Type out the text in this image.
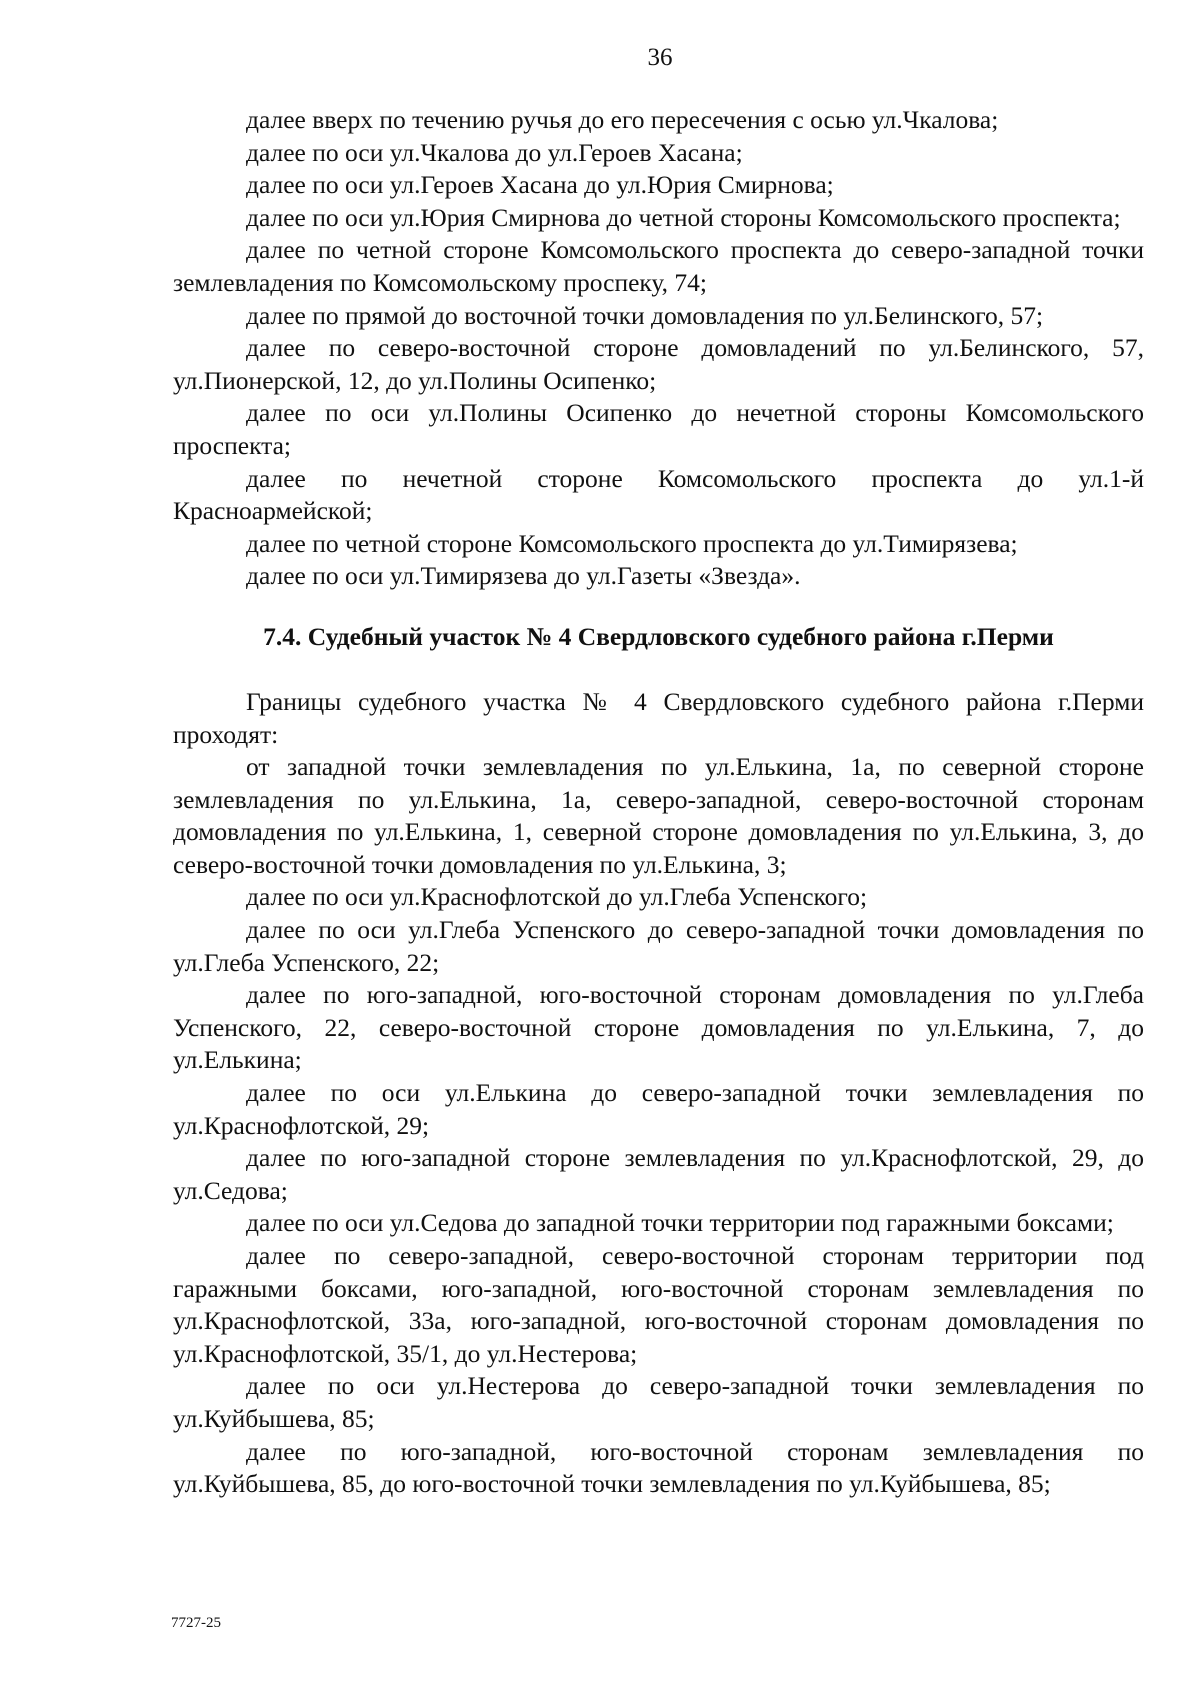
36

далее вверх по течению ручья до его пересечения с осью ул.Чкалова;

далее по оси ул.Чкалова до ул.Героев Хасана;

далее по оси ул.Героев Хасана до ул.Юрия Смирнова;

далее по оси ул.Юрия Смирнова до четной стороны Комсомольского проспекта;

далее по четной стороне Комсомольского проспекта до северо-западной точки землевладения по Комсомольскому проспеку, 74;

далее по прямой до восточной точки домовладения по ул.Белинского, 57;

далее по северо-восточной стороне домовладений по ул.Белинского, 57, ул.Пионерской, 12, до ул.Полины Осипенко;

далее по оси ул.Полины Осипенко до нечетной стороны Комсомольского проспекта;

далее по нечетной стороне Комсомольского проспекта до ул.1-й Красноармейской;

далее по четной стороне Комсомольского проспекта до ул.Тимирязева;

далее по оси ул.Тимирязева до ул.Газеты «Звезда».

7.4. Судебный участок № 4 Свердловского судебного района г.Перми

Границы судебного участка № 4 Свердловского судебного района г.Перми проходят:

от западной точки землевладения по ул.Елькина, 1а, по северной стороне землевладения по ул.Елькина, 1а, северо-западной, северо-восточной сторонам домовладения по ул.Елькина, 1, северной стороне домовладения по ул.Елькина, 3, до северо-восточной точки домовладения по ул.Елькина, 3;

далее по оси ул.Краснофлотской до ул.Глеба Успенского;

далее по оси ул.Глеба Успенского до северо-западной точки домовладения по ул.Глеба Успенского, 22;

далее по юго-западной, юго-восточной сторонам домовладения по ул.Глеба Успенского, 22, северо-восточной стороне домовладения по ул.Елькина, 7, до ул.Елькина;

далее по оси ул.Елькина до северо-западной точки землевладения по ул.Краснофлотской, 29;

далее по юго-западной стороне землевладения по ул.Краснофлотской, 29, до ул.Седова;

далее по оси ул.Седова до западной точки территории под гаражными боксами;

далее по северо-западной, северо-восточной сторонам территории под гаражными боксами, юго-западной, юго-восточной сторонам землевладения по ул.Краснофлотской, 33а, юго-западной, юго-восточной сторонам домовладения по ул.Краснофлотской, 35/1, до ул.Нестерова;

далее по оси ул.Нестерова до северо-западной точки землевладения по ул.Куйбышева, 85;

далее по юго-западной, юго-восточной сторонам землевладения по ул.Куйбышева, 85, до юго-восточной точки землевладения по ул.Куйбышева, 85;

7727-25
